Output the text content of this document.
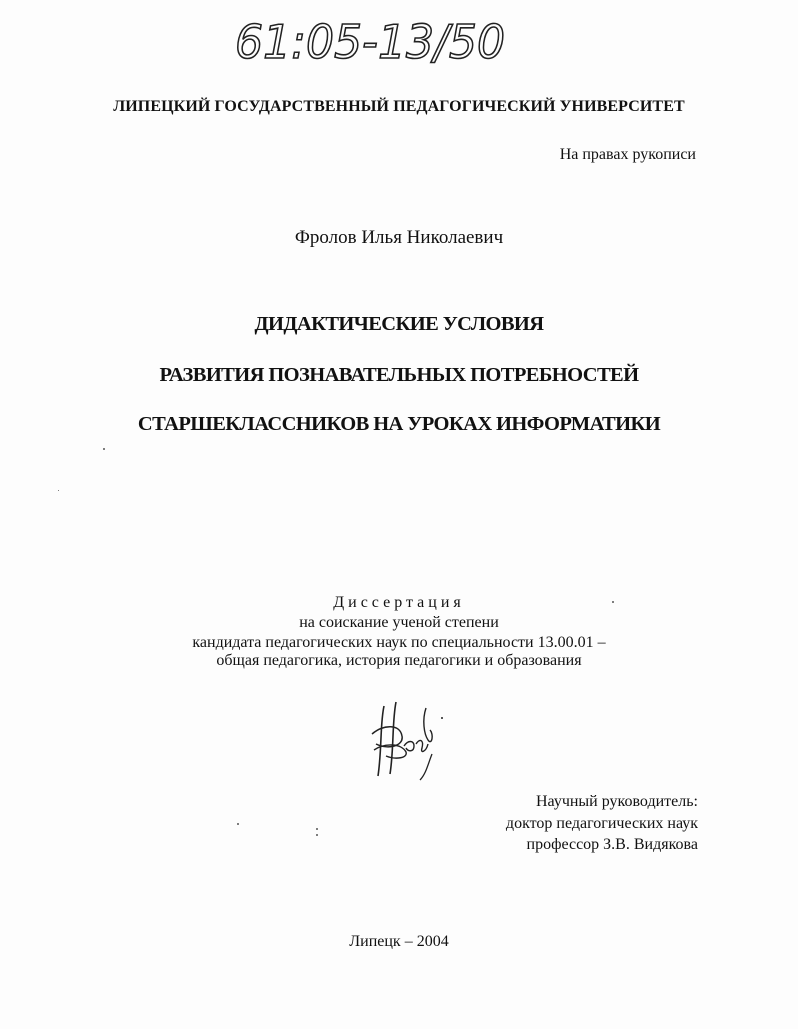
61:05-13/50
ЛИПЕЦКИЙ ГОСУДАРСТВЕННЫЙ ПЕДАГОГИЧЕСКИЙ УНИВЕРСИТЕТ
На правах рукописи
Фролов Илья Николаевич
ДИДАКТИЧЕСКИЕ УСЛОВИЯ
РАЗВИТИЯ ПОЗНАВАТЕЛЬНЫХ ПОТРЕБНОСТЕЙ
СТАРШЕКЛАССНИКОВ НА УРОКАХ ИНФОРМАТИКИ
Диссертация
на соискание ученой степени
кандидата педагогических наук по специальности 13.00.01 –
общая педагогика, история педагогики и образования
Научный руководитель:
доктор педагогических наук
профессор З.В. Видякова
Липецк – 2004
